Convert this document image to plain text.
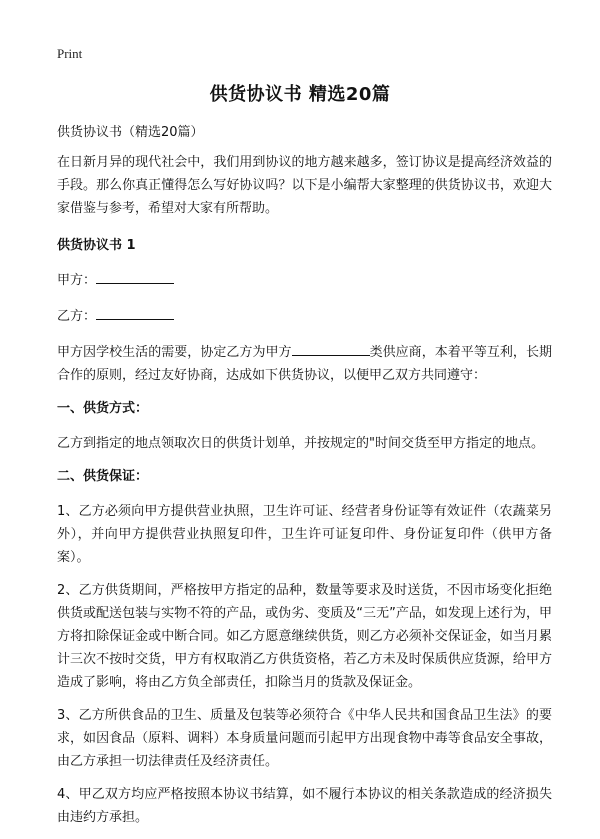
Print
供货协议书 精选20篇

供货协议书（精选20篇）

在日新月异的现代社会中，我们用到协议的地方越来越多，签订协议是提高经济效益的手段。那么你真正懂得怎么写好协议吗？以下是小编帮大家整理的供货协议书，欢迎大家借鉴与参考，希望对大家有所帮助。

供货协议书 1

甲方：

乙方：

甲方因学校生活的需要，协定乙方为甲方	类供应商，本着平等互利，长期合作的原则，经过友好协商，达成如下供货协议，以便甲乙双方共同遵守：

一、供货方式：

乙方到指定的地点领取次日的供货计划单，并按规定的"时间交货至甲方指定的地点。

二、供货保证：

1、乙方必须向甲方提供营业执照，卫生许可证、经营者身份证等有效证件（农蔬菜另外），并向甲方提供营业执照复印件，卫生许可证复印件、身份证复印件（供甲方备案）。

2、乙方供货期间，严格按甲方指定的品种，数量等要求及时送货，不因市场变化拒绝供货或配送包装与实物不符的产品，或伪劣、变质及“三无”产品，如发现上述行为，甲方将扣除保证金或中断合同。如乙方愿意继续供货，则乙方必须补交保证金，如当月累计三次不按时交货，甲方有权取消乙方供货资格，若乙方未及时保质供应货源，给甲方造成了影响，将由乙方负全部责任，扣除当月的货款及保证金。

3、乙方所供食品的卫生、质量及包装等必须符合《中华人民共和国食品卫生法》的要求，如因食品（原料、调料）本身质量问题而引起甲方出现食物中毒等食品安全事故，由乙方承担一切法律责任及经济责任。

4、甲乙双方均应严格按照本协议书结算，如不履行本协议的相关条款造成的经济损失由违约方承担。
